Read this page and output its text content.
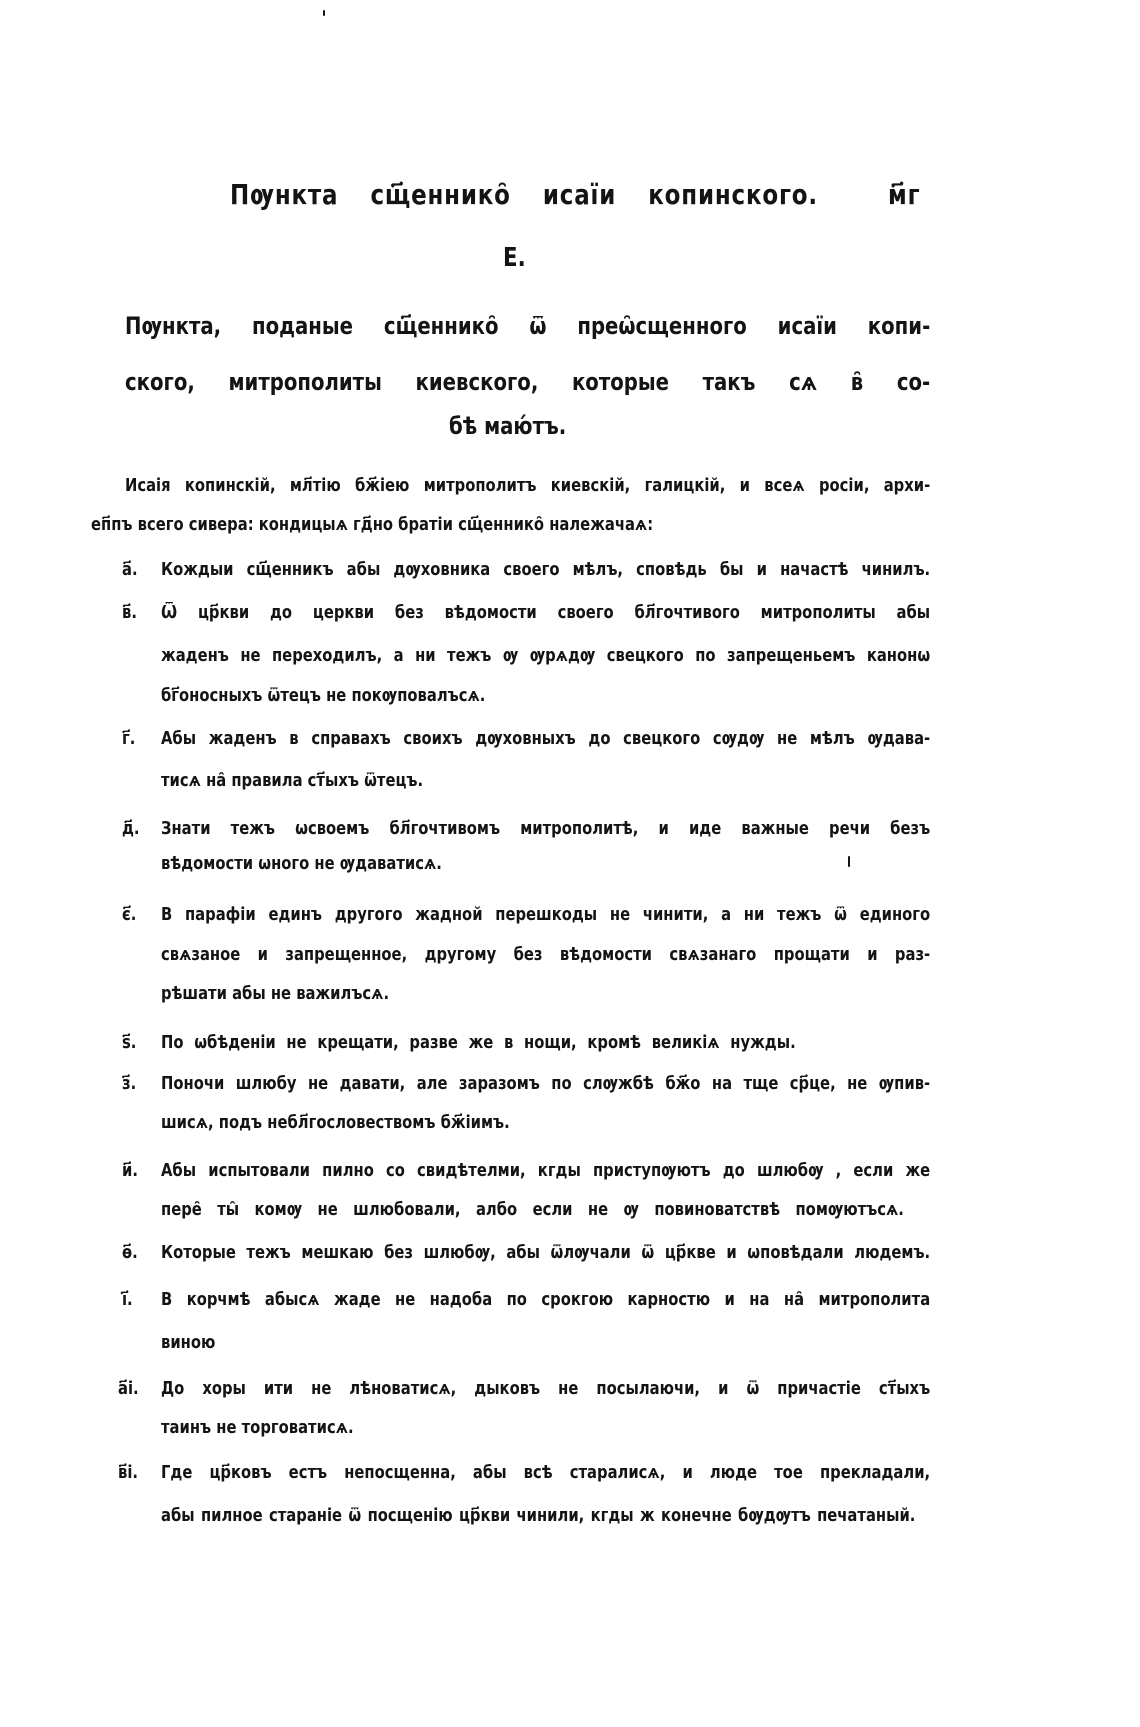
Пѹнкта сщ҃еннико̑ исаїи копинского.	м҃г
Е.
Пѹнкта, поданые сщ҃еннико̑ ѿ преѡ̑сщенного исаїи копи-
ского, митрополиты киевского, которые такъ сѧ в̑ со-
бѣ маю́тъ.
Исаія копинскій, мл҃тію бж҃іею митрополитъ киевскій, галицкій, и всеѧ росіи, архи-
еп҃пъ всего сивера: кондицыѧ гд҃но братіи сщ҃еннико̑ належачаѧ:
а҃. Кождыи сщ҃енникъ абы дѹховника своего мѣлъ, сповѣдь бы и начастѣ чинилъ.
в҃. Ѿ цр҃кви до церкви без вѣдомости своего бл҃гочтивого митрополиты абы
жаденъ не переходилъ, а ни тежъ ѹ ѹрѧдѹ свецкого по запрещеньемъ канонѡ
бг҃оносныхъ ѿтецъ не покѹповалъсѧ.
г҃. Абы жаденъ в справахъ своихъ дѹховныхъ до свецкого сѹдѹ не мѣлъ ѹдава-
тисѧ на̑ правила ст҃ыхъ ѿтецъ.
д҃. Знати тежъ ѡсвоемъ бл҃гочтивомъ митрополитѣ, и иде важные речи безъ
вѣдомости ѡного не ѹдаватисѧ.
є҃. В парафіи единъ другого жадной перешкоды не чинити, а ни тежъ ѿ единого
свѧзаное и запрещенное, другому без вѣдомости свѧзанаго прощати и раз-
рѣшати абы не важилъсѧ.
ѕ҃. По ѡбѣденіи не крещати, разве же в нощи, кромѣ великіѧ нужды.
з҃. Поночи шлюбу не давати, але заразомъ по слѹжбѣ бж҃о на тще ср҃це, не ѹпив-
шисѧ, подъ небл҃гословествомъ бж҃іимъ.
и҃. Абы испытовали пилно со свидѣтелми, кгды приступѹютъ до шлюбѹ , если же
пере̑ ты̑ комѹ не шлюбовали, албо если не ѹ повиноватствѣ помѹютъсѧ.
ѳ҃. Которые тежъ мешкаю без шлюбѹ, абы ѿлѹчали ѿ цр҃кве и ѡповѣдали людемъ.
і҃. В корчмѣ абысѧ жаде не надоба по срокгою карностю и на на̑ митрополита
виною
а҃і. До хоры ити не лѣноватисѧ, дыковъ не посылаючи, и ѿ причастіе ст҃ыхъ
таинъ не торговатисѧ.
в҃і. Где цр҃ковъ естъ непосщенна, абы всѣ старалисѧ, и люде тое прекладали,
абы пилное стараніе ѿ посщенію цр҃кви чинили, кгды ж конечне бѹдѹтъ печатаный.
